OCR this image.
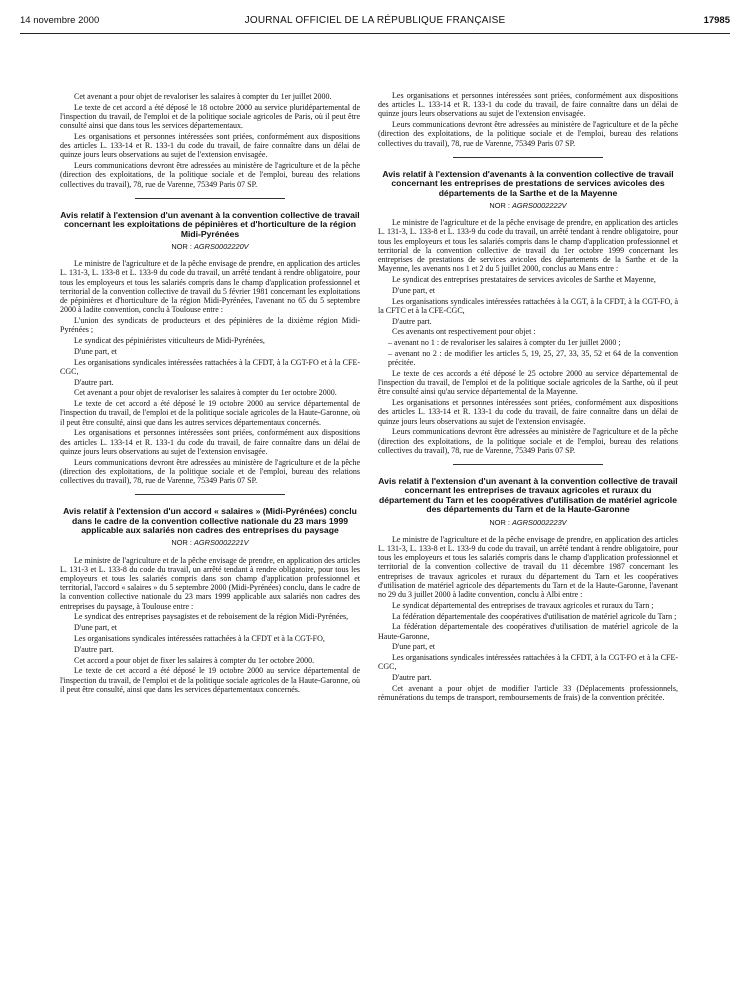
14 novembre 2000	JOURNAL OFFICIEL DE LA RÉPUBLIQUE FRANÇAISE	17985

Cet avenant a pour objet de revaloriser les salaires à compter du 1er juillet 2000.

Le texte de cet accord a été déposé le 18 octobre 2000 au service pluridépartemental de l'inspection du travail, de l'emploi et de la politique sociale agricoles de Paris, où il peut être consulté ainsi que dans tous les services départementaux.

Les organisations et personnes intéressées sont priées, conformément aux dispositions des articles L. 133-14 et R. 133-1 du code du travail, de faire connaître dans un délai de quinze jours leurs observations au sujet de l'extension envisagée.

Leurs communications devront être adressées au ministère de l'agriculture et de la pêche (direction des exploitations, de la politique sociale et de l'emploi, bureau des relations collectives du travail), 78, rue de Varenne, 75349 Paris 07 SP.

Avis relatif à l'extension d'un avenant à la convention collective de travail concernant les exploitations de pépinières et d'horticulture de la région Midi-Pyrénées
NOR : AGRS0002220V

Le ministre de l'agriculture et de la pêche envisage de prendre, en application des articles L. 131-3, L. 133-8 et L. 133-9 du code du travail, un arrêté tendant à rendre obligatoire, pour tous les employeurs et tous les salariés compris dans le champ d'application professionnel et territorial de la convention collective de travail du 5 février 1981 concernant les exploitations de pépinières et d'horticulture de la région Midi-Pyrénées, l'avenant no 65 du 5 septembre 2000 à ladite convention, conclu à Toulouse entre :

L'union des syndicats de producteurs et des pépinières de la dixième région Midi-Pyrénées ;

Le syndicat des pépiniéristes viticulteurs de Midi-Pyrénées,

D'une part, et

Les organisations syndicales intéressées rattachées à la CFDT, à la CGT-FO et à la CFE-CGC,

D'autre part.

Cet avenant a pour objet de revaloriser les salaires à compter du 1er octobre 2000.

Le texte de cet accord a été déposé le 19 octobre 2000 au service départemental de l'inspection du travail, de l'emploi et de la politique sociale agricoles de la Haute-Garonne, où il peut être consulté, ainsi que dans les autres services départementaux concernés.

Les organisations et personnes intéressées sont priées, conformément aux dispositions des articles L. 133-14 et R. 133-1 du code du travail, de faire connaître dans un délai de quinze jours leurs observations au sujet de l'extension envisagée.

Leurs communications devront être adressées au ministère de l'agriculture et de la pêche (direction des exploitations, de la politique sociale et de l'emploi, bureau des relations collectives du travail), 78, rue de Varenne, 75349 Paris 07 SP.

Avis relatif à l'extension d'un accord « salaires » (Midi-Pyrénées) conclu dans le cadre de la convention collective nationale du 23 mars 1999 applicable aux salariés non cadres des entreprises du paysage
NOR : AGRS0002221V

Le ministre de l'agriculture et de la pêche envisage de prendre, en application des articles L. 131-3 et L. 133-8 du code du travail, un arrêté tendant à rendre obligatoire, pour tous les employeurs et tous les salariés compris dans son champ d'application professionnel et territorial, l'accord « salaires » du 5 septembre 2000 (Midi-Pyrénées) conclu, dans le cadre de la convention collective nationale du 23 mars 1999 applicable aux salariés non cadres des entreprises du paysage, à Toulouse entre :

Le syndicat des entreprises paysagistes et de reboisement de la région Midi-Pyrénées,

D'une part, et

Les organisations syndicales intéressées rattachées à la CFDT et à la CGT-FO,

D'autre part.

Cet accord a pour objet de fixer les salaires à compter du 1er octobre 2000.

Le texte de cet accord a été déposé le 19 octobre 2000 au service départemental de l'inspection du travail, de l'emploi et de la politique sociale agricoles de la Haute-Garonne, où il peut être consulté, ainsi que dans les services départementaux concernés.

Les organisations et personnes intéressées sont priées, conformément aux dispositions des articles L. 133-14 et R. 133-1 du code du travail, de faire connaître dans un délai de quinze jours leurs observations au sujet de l'extension envisagée.

Leurs communications devront être adressées au ministère de l'agriculture et de la pêche (direction des exploitations, de la politique sociale et de l'emploi, bureau des relations collectives du travail), 78, rue de Varenne, 75349 Paris 07 SP.

Avis relatif à l'extension d'avenants à la convention collective de travail concernant les entreprises de prestations de services avicoles des départements de la Sarthe et de la Mayenne
NOR : AGRS0002222V

Le ministre de l'agriculture et de la pêche envisage de prendre, en application des articles L. 131-3, L. 133-8 et L. 133-9 du code du travail, un arrêté tendant à rendre obligatoire, pour tous les employeurs et tous les salariés compris dans le champ d'application professionnel et territorial de la convention collective de travail du 1er octobre 1999 concernant les entreprises de prestations de services avicoles des départements de la Sarthe et de la Mayenne, les avenants nos 1 et 2 du 5 juillet 2000, conclus au Mans entre :

Le syndicat des entreprises prestataires de services avicoles de Sarthe et Mayenne,

D'une part, et

Les organisations syndicales intéressées rattachées à la CGT, à la CFDT, à la CGT-FO, à la CFTC et à la CFE-CGC,

D'autre part.

Ces avenants ont respectivement pour objet :

– avenant no 1 : de revaloriser les salaires à compter du 1er juillet 2000 ;

– avenant no 2 : de modifier les articles 5, 19, 25, 27, 33, 35, 52 et 64 de la convention précitée.

Le texte de ces accords a été déposé le 25 octobre 2000 au service départemental de l'inspection du travail, de l'emploi et de la politique sociale agricoles de la Sarthe, où il peut être consulté ainsi qu'au service départemental de la Mayenne.

Les organisations et personnes intéressées sont priées, conformément aux dispositions des articles L. 133-14 et R. 133-1 du code du travail, de faire connaître dans un délai de quinze jours leurs observations au sujet de l'extension envisagée.

Leurs communications devront être adressées au ministère de l'agriculture et de la pêche (direction des exploitations, de la politique sociale et de l'emploi, bureau des relations collectives du travail), 78, rue de Varenne, 75349 Paris 07 SP.

Avis relatif à l'extension d'un avenant à la convention collective de travail concernant les entreprises de travaux agricoles et ruraux du département du Tarn et les coopératives d'utilisation de matériel agricole des départements du Tarn et de la Haute-Garonne
NOR : AGRS0002223V

Le ministre de l'agriculture et de la pêche envisage de prendre, en application des articles L. 131-3, L. 133-8 et L. 133-9 du code du travail, un arrêté tendant à rendre obligatoire, pour tous les employeurs et tous les salariés compris dans le champ d'application professionnel et territorial de la convention collective de travail du 11 décembre 1987 concernant les entreprises de travaux agricoles et ruraux du département du Tarn et les coopératives d'utilisation de matériel agricole des départements du Tarn et de la Haute-Garonne, l'avenant no 29 du 3 juillet 2000 à ladite convention, conclu à Albi entre :

Le syndicat départemental des entreprises de travaux agricoles et ruraux du Tarn ;

La fédération départementale des coopératives d'utilisation de matériel agricole du Tarn ;

La fédération départementale des coopératives d'utilisation de matériel agricole de la Haute-Garonne,

D'une part, et

Les organisations syndicales intéressées rattachées à la CFDT, à la CGT-FO et à la CFE-CGC,

D'autre part.

Cet avenant a pour objet de modifier l'article 33 (Déplacements professionnels, rémunérations du temps de transport, remboursements de frais) de la convention précitée.
